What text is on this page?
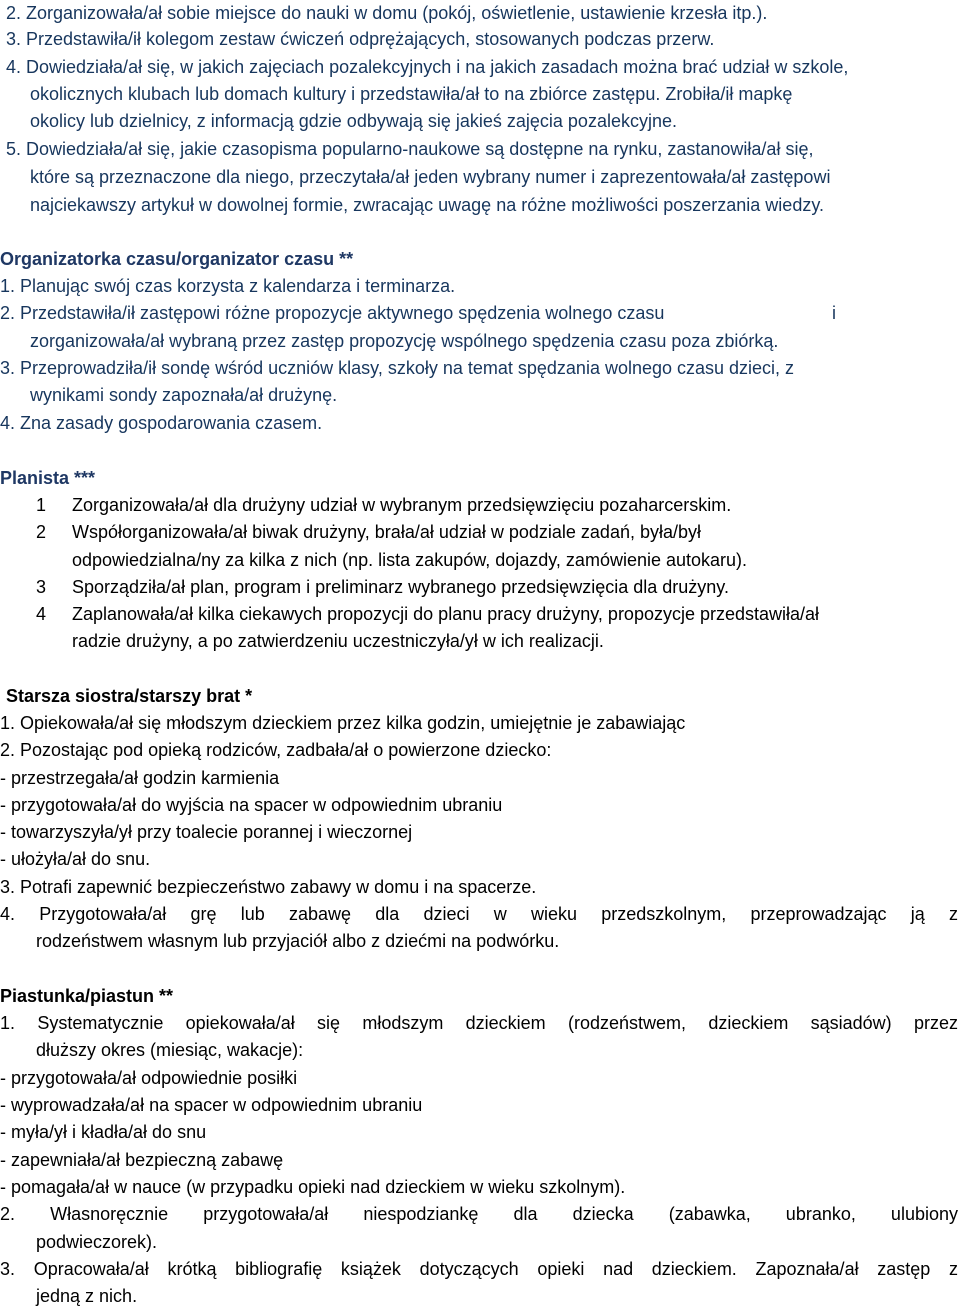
2. Zorganizowała/ał sobie miejsce do nauki w domu (pokój, oświetlenie, ustawienie krzesła itp.).
3. Przedstawiła/ił kolegom zestaw ćwiczeń odprężających, stosowanych podczas przerw.
4. Dowiedziała/ał się, w jakich zajęciach pozalekcyjnych i na jakich zasadach można brać udział w szkole,
okolicznych klubach lub domach kultury i przedstawiła/ał to na zbiórce zastępu. Zrobiła/ił mapkę
okolicy lub dzielnicy, z informacją gdzie odbywają się jakieś zajęcia pozalekcyjne.
5. Dowiedziała/ał się, jakie czasopisma popularno-naukowe są dostępne na rynku, zastanowiła/ał się,
które są przeznaczone dla niego, przeczytała/ał jeden wybrany numer i zaprezentowała/ał zastępowi
najciekawszy artykuł w dowolnej formie, zwracając uwagę na różne możliwości poszerzania wiedzy.
Organizatorka czasu/organizator czasu **
1. Planując swój czas korzysta z kalendarza i terminarza.
2. Przedstawiła/ił zastępowi różne propozycje aktywnego spędzenia wolnego czasu	i
zorganizowała/ał wybraną przez zastęp propozycję wspólnego spędzenia czasu poza zbiórką.
3. Przeprowadziła/ił sondę wśród uczniów klasy, szkoły na temat spędzania wolnego czasu dzieci, z
wynikami sondy zapoznała/ał drużynę.
4. Zna zasady gospodarowania czasem.
Planista ***
1 Zorganizowała/ał dla drużyny udział w wybranym przedsięwzięciu pozaharcerskim.
2 Współorganizowała/ał biwak drużyny, brała/ał udział w podziale zadań, była/był
odpowiedzialna/ny za kilka z nich (np. lista zakupów, dojazdy, zamówienie autokaru).
3 Sporządziła/ał plan, program i preliminarz wybranego przedsięwzięcia dla drużyny.
4 Zaplanowała/ał kilka ciekawych propozycji do planu pracy drużyny, propozycje przedstawiła/ał
radzie drużyny, a po zatwierdzeniu uczestniczyła/ył w ich realizacji.
Starsza siostra/starszy brat *
1. Opiekowała/ał się młodszym dzieckiem przez kilka godzin, umiejętnie je zabawiając
2. Pozostając pod opieką rodziców, zadbała/ał o powierzone dziecko:
- przestrzegała/ał godzin karmienia
- przygotowała/ał do wyjścia na spacer w odpowiednim ubraniu
- towarzyszyła/ył przy toalecie porannej i wieczornej
- ułożyła/ał do snu.
3. Potrafi zapewnić bezpieczeństwo zabawy w domu i na spacerze.
4. Przygotowała/ał grę lub zabawę dla dzieci w wieku przedszkolnym, przeprowadzając ją z
rodzeństwem własnym lub przyjaciół albo z dziećmi na podwórku.
Piastunka/piastun **
1. Systematycznie opiekowała/ał się młodszym dzieckiem (rodzeństwem, dzieckiem sąsiadów) przez
dłuższy okres (miesiąc, wakacje):
- przygotowała/ał odpowiednie posiłki
- wyprowadzała/ał na spacer w odpowiednim ubraniu
- myła/ył i kładła/ał do snu
- zapewniała/ał bezpieczną zabawę
- pomagała/ał w nauce (w przypadku opieki nad dzieckiem w wieku szkolnym).
2. Własnoręcznie przygotowała/ał niespodziankę dla dziecka (zabawka, ubranko, ulubiony
podwieczorek).
3. Opracowała/ał krótką bibliografię książek dotyczących opieki nad dzieckiem. Zapoznała/ał zastęp z
jedną z nich.
